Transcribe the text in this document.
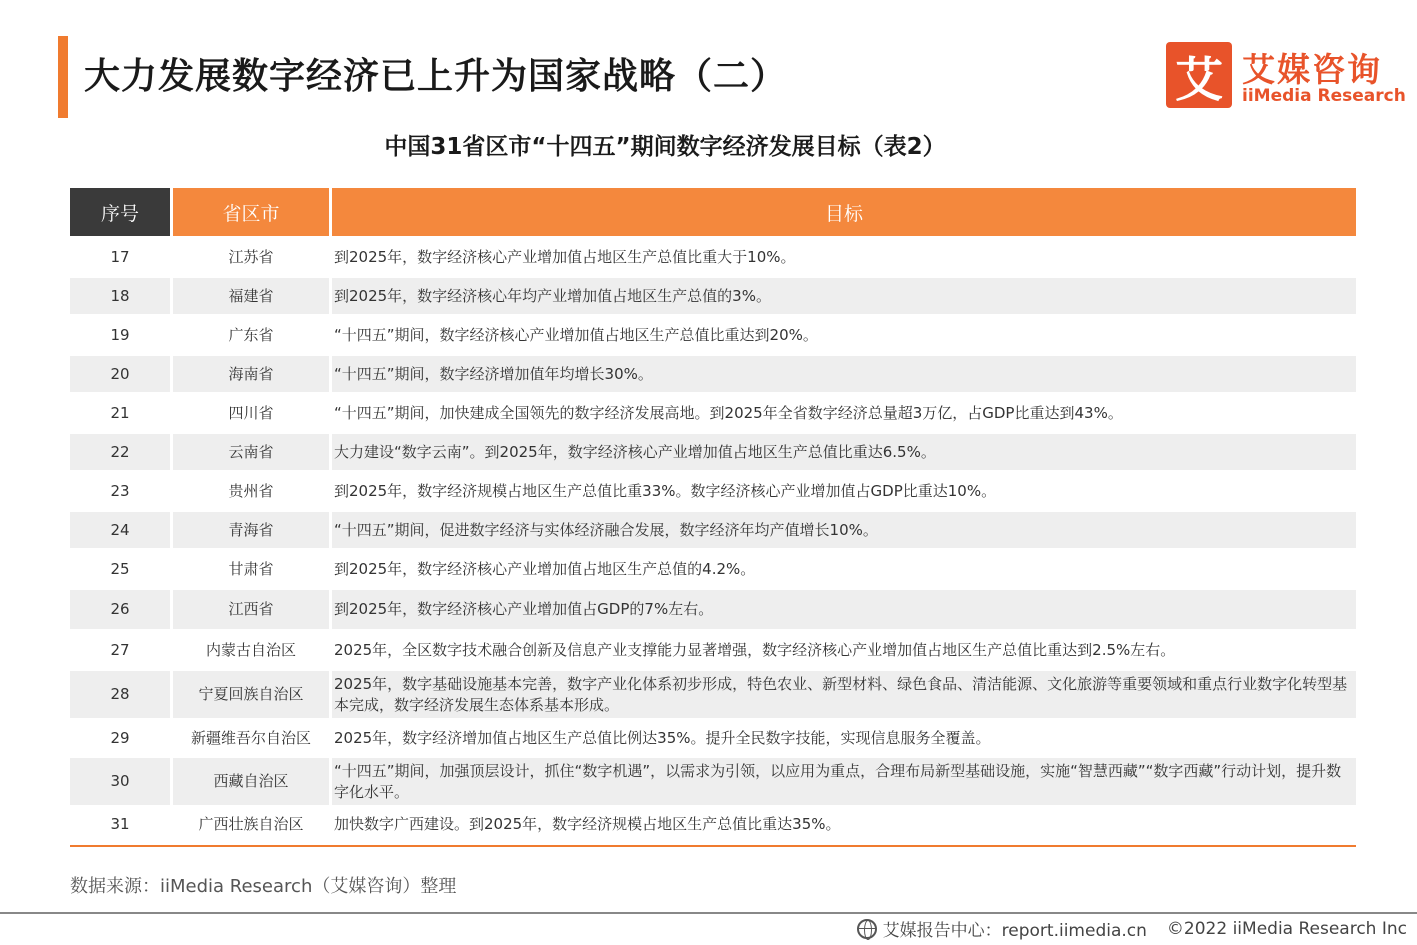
大力发展数字经济已上升为国家战略（二）	艾 艾媒咨询
iiMedia Research
中国31省区市“十四五”期间数字经济发展目标（表2）
序号	省区市	目标
17	江苏省	到2025年，数字经济核心产业增加值占地区生产总值比重大于10%。
18	福建省	到2025年，数字经济核心年均产业增加值占地区生产总值的3%。
19	广东省	“十四五”期间，数字经济核心产业增加值占地区生产总值比重达到20%。
20	海南省	“十四五”期间，数字经济增加值年均增长30%。
21	四川省	“十四五”期间，加快建成全国领先的数字经济发展高地。到2025年全省数字经济总量超3万亿，占GDP比重达到43%。
22	云南省	大力建设“数字云南”。到2025年，数字经济核心产业增加值占地区生产总值比重达6.5%。
23	贵州省	到2025年，数字经济规模占地区生产总值比重33%。数字经济核心产业增加值占GDP比重达10%。
24	青海省	“十四五”期间，促进数字经济与实体经济融合发展，数字经济年均产值增长10%。
25	甘肃省	到2025年，数字经济核心产业增加值占地区生产总值的4.2%。
26	江西省	到2025年，数字经济核心产业增加值占GDP的7%左右。
27	内蒙古自治区	2025年，全区数字技术融合创新及信息产业支撑能力显著增强，数字经济核心产业增加值占地区生产总值比重达到2.5%左右。
28	宁夏回族自治区	2025年，数字基础设施基本完善，数字产业化体系初步形成，特色农业、新型材料、绿色食品、清洁能源、文化旅游等重要领域和重点行业数字化转型基本完成，数字经济发展生态体系基本形成。
29	新疆维吾尔自治区	2025年，数字经济增加值占地区生产总值比例达35%。提升全民数字技能，实现信息服务全覆盖。
30	西藏自治区	“十四五”期间，加强顶层设计，抓住“数字机遇”，以需求为引领，以应用为重点，合理布局新型基础设施，实施“智慧西藏”“数字西藏”行动计划，提升数字化水平。
31	广西壮族自治区	加快数字广西建设。到2025年，数字经济规模占地区生产总值比重达35%。
数据来源：iiMedia Research（艾媒咨询）整理
艾媒报告中心：report.iimedia.cn ©2022 iiMedia Research Inc
